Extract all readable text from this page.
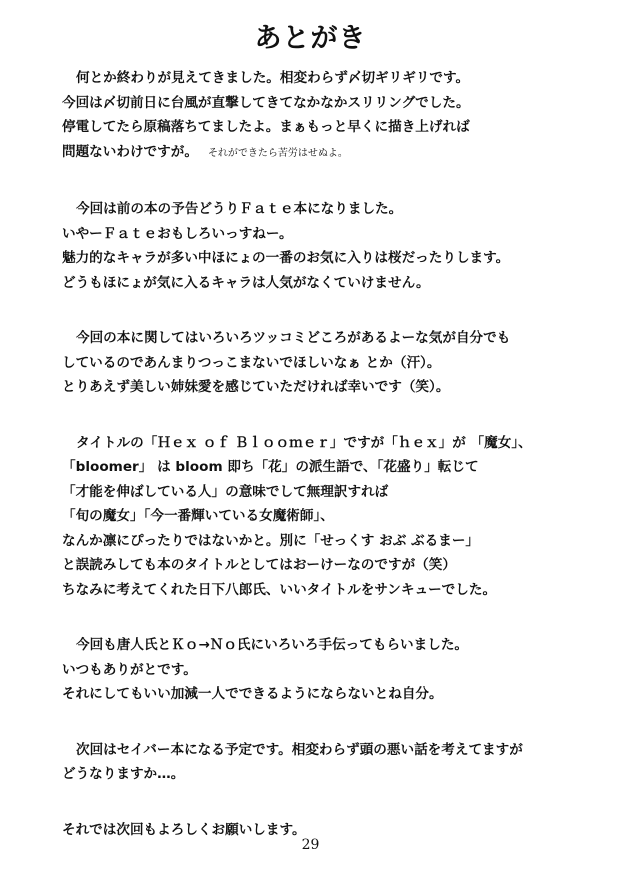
あとがき
何とか終わりが見えてきました。相変わらず〆切ギリギリです。
今回は〆切前日に台風が直撃してきてなかなかスリリングでした。
停電してたら原稿落ちてましたよ。まぁもっと早くに描き上げれば
問題ないわけですが。 それができたら苦労はせぬよ。
今回は前の本の予告どうりＦａｔｅ本になりました。
いやーＦａｔｅおもしろいっすねー。
魅力的なキャラが多い中ほにょの一番のお気に入りは桜だったりします。
どうもほにょが気に入るキャラは人気がなくていけません。
今回の本に関してはいろいろツッコミどころがあるよーな気が自分でも
しているのであんまりつっこまないでほしいなぁ とか（汗）。
とりあえず美しい姉妹愛を感じていただければ幸いです（笑）。
タイトルの「Ｈｅｘ ｏｆ Ｂｌｏｏｍｅｒ」ですが「ｈｅｘ」が 「魔女」、
「bloomer」 は bloom 即ち「花」の派生語で、「花盛り」転じて
「才能を伸ばしている人」の意味でして無理訳すれば
「旬の魔女」「今一番輝いている女魔術師」、
なんか凛にぴったりではないかと。別に「せっくす おぶ ぶるまー」
と誤読みしても本のタイトルとしてはおーけーなのですが（笑）
ちなみに考えてくれた日下八郎氏、いいタイトルをサンキューでした。
今回も唐人氏とＫｏ→Ｎｏ氏にいろいろ手伝ってもらいました。
いつもありがとです。
それにしてもいい加減一人でできるようにならないとね自分。
次回はセイバー本になる予定です。相変わらず頭の悪い話を考えてますが
どうなりますか…。
それでは次回もよろしくお願いします。
29
